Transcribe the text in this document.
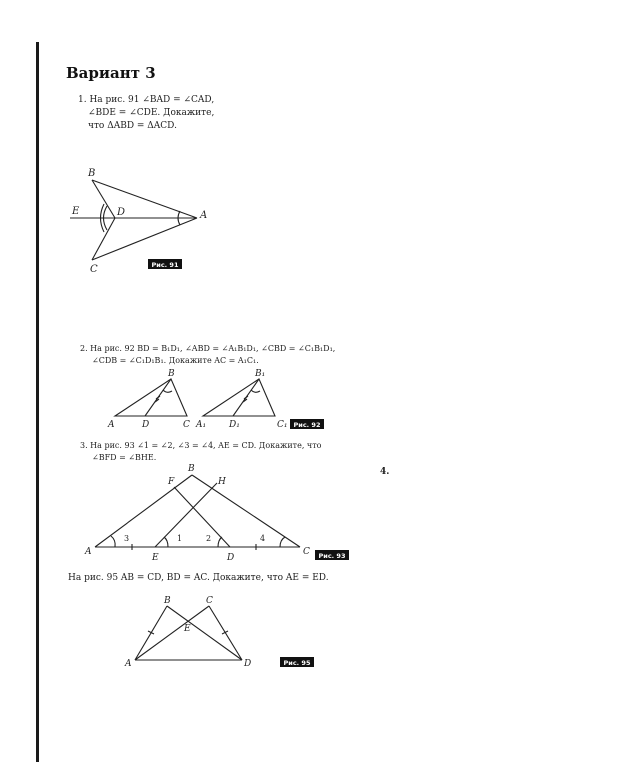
Вариант 3
1. На рис. 91 ∠BAD = ∠CAD,
∠BDE = ∠CDE. Докажите,
что ΔABD = ΔACD.
B
E	D	A
C	Рис. 91
2. На рис. 92 BD = B₁D₁, ∠ABD = ∠A₁B₁D₁, ∠CBD = ∠C₁B₁D₁,
∠CDB = ∠C₁D₁B₁. Докажите AC = A₁C₁.
B
A	D	C
B₁
A₁	D₁	C₁ Рис. 92
3. На рис. 93 ∠1 = ∠2, ∠3 = ∠4, AE = CD. Докажите, что
∠BFD = ∠BHE.
4.
B
F	H
A
E	D
C
3	1	2	4
Рис. 93
На рис. 95 AB = CD, BD = AC. Докажите, что AE = ED.
B	C
E
A	D	Рис. 95
